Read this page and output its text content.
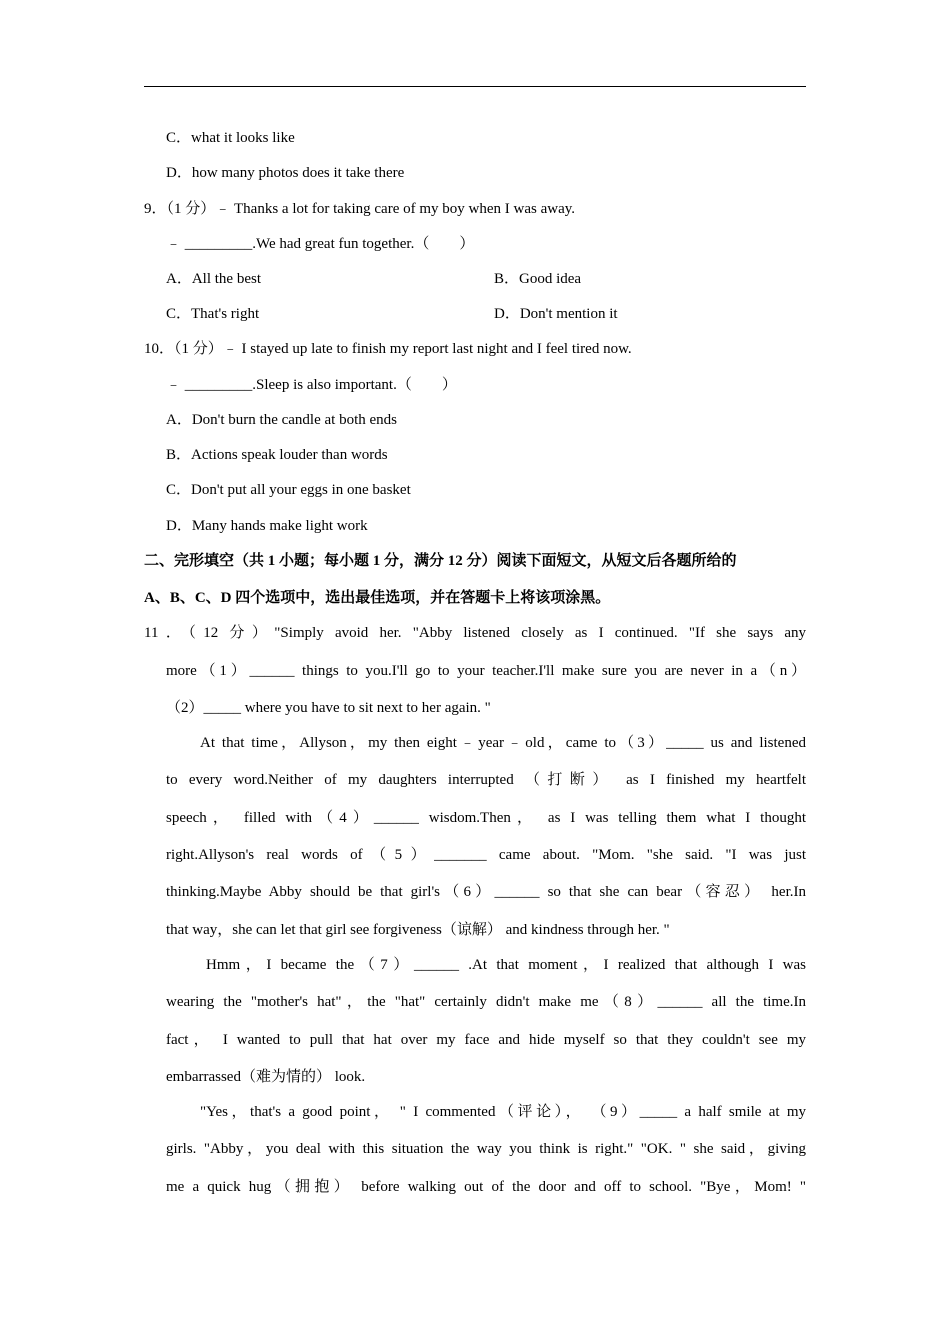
C．what it looks like
D．how many photos does it take there
9．（1 分）﹣ Thanks a lot for taking care of my boy when I was away.
﹣ _________.We had great fun together.（　　）
A．All the best	B．Good idea
C．That's right	D．Don't mention it
10．（1 分）﹣ I stayed up late to finish my report last night and I feel tired now.
﹣ _________.Sleep is also important.（　　）
A．Don't burn the candle at both ends
B．Actions speak louder than words
C．Don't put all your eggs in one basket
D．Many hands make light work
二、完形填空（共 1 小题；每小题 1 分，满分 12 分）阅读下面短文，从短文后各题所给的
A、B、C、D 四个选项中，选出最佳选项，并在答题卡上将该项涂黑。
11．（12 分）"Simply avoid her. "Abby listened closely as I continued. "If she says any
more（1）______ things to you.I'll go to your teacher.I'll make sure you are never in a（n）
（2）_____ where you have to sit next to her again. "
At that time，Allyson，my then eight﹣year﹣old，came to（3）_____ us and listened
to every word.Neither of my daughters interrupted （打断） as I finished my heartfelt
speech， filled with（4）______ wisdom.Then， as I was telling them what I thought
right.Allyson's real words of（5）_______ came about. "Mom. "she said. "I was just
thinking.Maybe Abby should be that girl's（6）______ so that she can bear（容忍） her.In
that way，she can let that girl see forgiveness（谅解） and kindness through her. "
Hmm，I became the（7）______ .At that moment，I realized that although I was
wearing the "mother's hat"，the "hat" certainly didn't make me（8）______ all the time.In
fact， I wanted to pull that hat over my face and hide myself so that they couldn't see my
embarrassed（难为情的） look.
"Yes，that's a good point， " I commented（评论）， （9）_____ a half smile at my
girls. "Abby，you deal with this situation the way you think is right." "OK. " she said，giving
me a quick hug（拥抱） before walking out of the door and off to school. "Bye，Mom! "
